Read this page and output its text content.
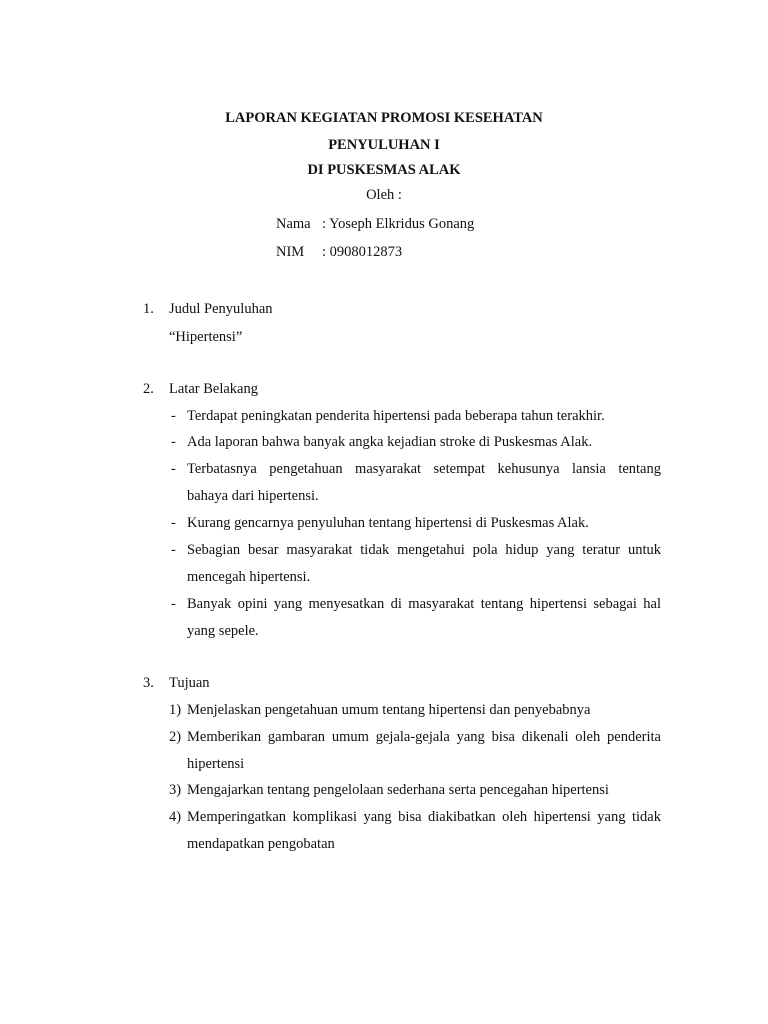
LAPORAN KEGIATAN PROMOSI KESEHATAN
PENYULUHAN I
DI PUSKESMAS ALAK
Oleh :
Nama : Yoseph Elkridus Gonang
NIM : 0908012873
1. Judul Penyuluhan
“Hipertensi”
2. Latar Belakang
- Terdapat peningkatan penderita hipertensi pada beberapa tahun terakhir.
- Ada laporan bahwa banyak angka kejadian stroke di Puskesmas Alak.
- Terbatasnya pengetahuan masyarakat setempat kehusunya lansia tentang
bahaya dari hipertensi.
- Kurang gencarnya penyuluhan tentang hipertensi di Puskesmas Alak.
- Sebagian besar masyarakat tidak mengetahui pola hidup yang teratur untuk
mencegah hipertensi.
- Banyak opini yang menyesatkan di masyarakat tentang hipertensi sebagai hal
yang sepele.
3. Tujuan
1) Menjelaskan pengetahuan umum tentang hipertensi dan penyebabnya
2) Memberikan gambaran umum gejala-gejala yang bisa dikenali oleh penderita
hipertensi
3) Mengajarkan tentang pengelolaan sederhana serta pencegahan hipertensi
4) Memperingatkan komplikasi yang bisa diakibatkan oleh hipertensi yang tidak
mendapatkan pengobatan
